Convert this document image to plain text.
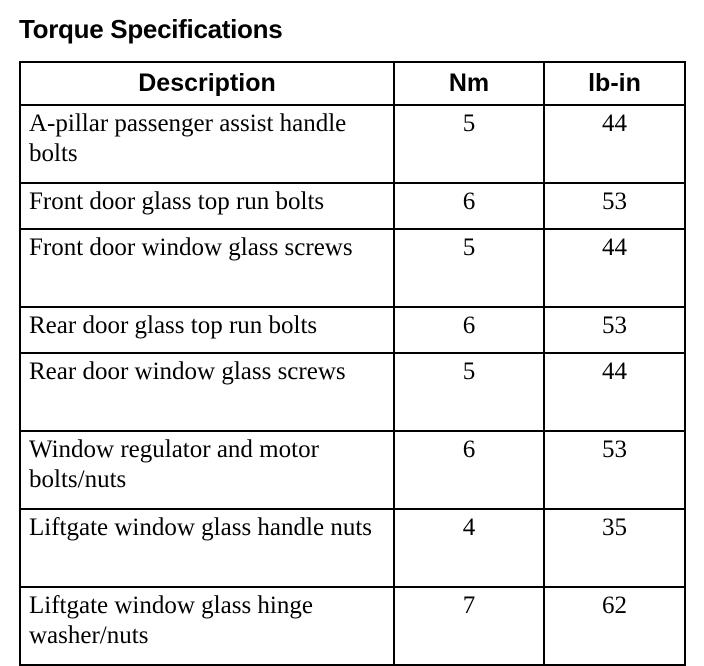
Torque Specifications
Description	Nm	lb-in
A-pillar passenger assist handle bolts	5	44
Front door glass top run bolts	6	53
Front door window glass screws	5	44
Rear door glass top run bolts	6	53
Rear door window glass screws	5	44
Window regulator and motor bolts/nuts	6	53
Liftgate window glass handle nuts	4	35
Liftgate window glass hinge washer/nuts	7	62
